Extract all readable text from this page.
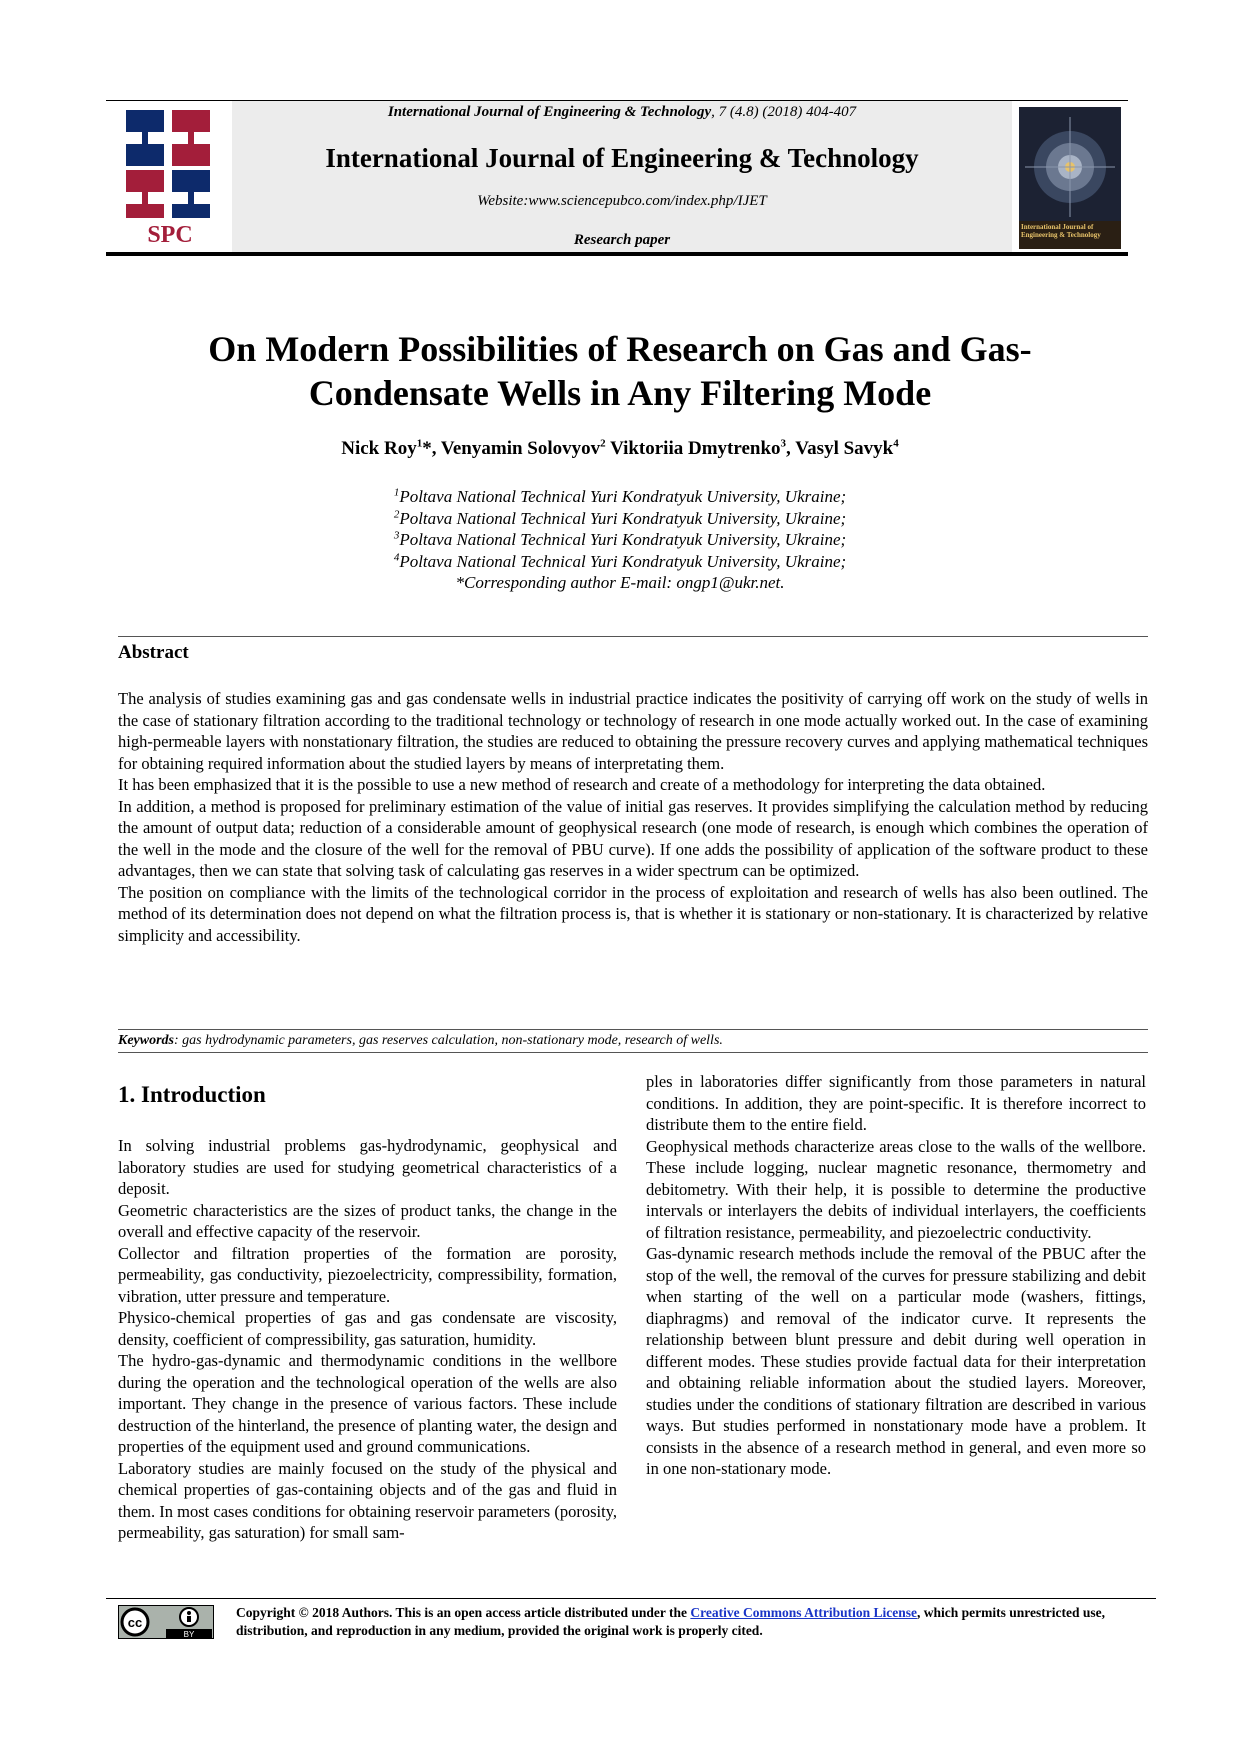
SPC
International Journal of Engineering & Technology, 7 (4.8) (2018) 404-407
International Journal of Engineering & Technology
Website:www.sciencepubco.com/index.php/IJET
Research paper
International Journal of Engineering & Technology
On Modern Possibilities of Research on Gas and Gas-
Condensate Wells in Any Filtering Mode
Nick Roy$^1$*, Venyamin Solovyov$^2$ Viktoriia Dmytrenko$^3$, Vasyl Savyk$^4$
$^1$Poltava National Technical Yuri Kondratyuk University, Ukraine;
$^2$Poltava National Technical Yuri Kondratyuk University, Ukraine;
$^3$Poltava National Technical Yuri Kondratyuk University, Ukraine;
$^4$Poltava National Technical Yuri Kondratyuk University, Ukraine;
*Corresponding author E-mail: ongp1@ukr.net.
Abstract

The analysis of studies examining gas and gas condensate wells in industrial practice indicates the positivity of carrying off work on the study of wells in the case of stationary filtration according to the traditional technology or technology of research in one mode actually worked out. In the case of examining high-permeable layers with nonstationary filtration, the studies are reduced to obtaining the pressure recovery curves and applying mathematical techniques for obtaining required information about the studied layers by means of interpretating them.

It has been emphasized that it is the possible to use a new method of research and create of a methodology for interpreting the data obtained.

In addition, a method is proposed for preliminary estimation of the value of initial gas reserves. It provides simplifying the calculation method by reducing the amount of output data; reduction of a considerable amount of geophysical research (one mode of research, is enough which combines the operation of the well in the mode and the closure of the well for the removal of PBU curve). If one adds the possibility of application of the software product to these advantages, then we can state that solving task of calculating gas reserves in a wider spectrum can be optimized.

The position on compliance with the limits of the technological corridor in the process of exploitation and research of wells has also been outlined. The method of its determination does not depend on what the filtration process is, that is whether it is stationary or non-stationary. It is characterized by relative simplicity and accessibility.

Keywords: gas hydrodynamic parameters, gas reserves calculation, non-stationary mode, research of wells.
1. Introduction

In solving industrial problems gas-hydrodynamic, geophysical and laboratory studies are used for studying geometrical characteristics of a deposit.

Geometric characteristics are the sizes of product tanks, the change in the overall and effective capacity of the reservoir.

Collector and filtration properties of the formation are porosity, permeability, gas conductivity, piezoelectricity, compressibility, formation, vibration, utter pressure and temperature.

Physico-chemical properties of gas and gas condensate are viscosity, density, coefficient of compressibility, gas saturation, humidity.

The hydro-gas-dynamic and thermodynamic conditions in the wellbore during the operation and the technological operation of the wells are also important. They change in the presence of various factors. These include destruction of the hinterland, the presence of planting water, the design and properties of the equipment used and ground communications.

Laboratory studies are mainly focused on the study of the physical and chemical properties of gas-containing objects and of the gas and fluid in them. In most cases conditions for obtaining reservoir parameters (porosity, permeability, gas saturation) for small sam-

ples in laboratories differ significantly from those parameters in natural conditions. In addition, they are point-specific. It is therefore incorrect to distribute them to the entire field.

Geophysical methods characterize areas close to the walls of the wellbore. These include logging, nuclear magnetic resonance, thermometry and debitometry. With their help, it is possible to determine the productive intervals or interlayers the debits of individual interlayers, the coefficients of filtration resistance, permeability, and piezoelectric conductivity.

Gas-dynamic research methods include the removal of the PBUC after the stop of the well, the removal of the curves for pressure stabilizing and debit when starting of the well on a particular mode (washers, fittings, diaphragms) and removal of the indicator curve. It represents the relationship between blunt pressure and debit during well operation in different modes. These studies provide factual data for their interpretation and obtaining reliable information about the studied layers. Moreover, studies under the conditions of stationary filtration are described in various ways. But studies performed in nonstationary mode have a problem. It consists in the absence of a research method in general, and even more so in one non-stationary mode.

cc
BY
Copyright © 2018 Authors. This is an open access article distributed under the Creative Commons Attribution License, which permits unrestricted use, distribution, and reproduction in any medium, provided the original work is properly cited.
